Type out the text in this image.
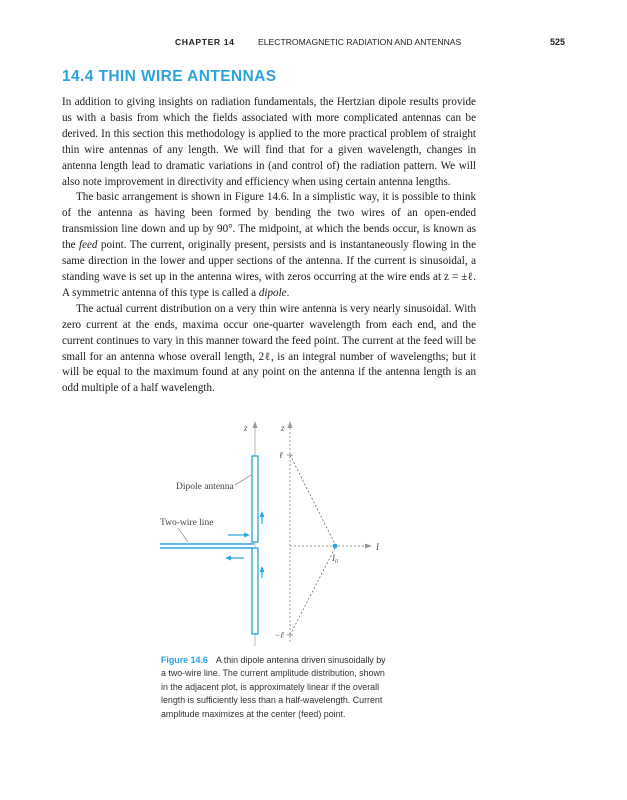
CHAPTER 14	ELECTROMAGNETIC RADIATION AND ANTENNAS	525
14.4 THIN WIRE ANTENNAS

In addition to giving insights on radiation fundamentals, the Hertzian dipole results provide us with a basis from which the fields associated with more complicated antennas can be derived. In this section this methodology is applied to the more practical problem of straight thin wire antennas of any length. We will find that for a given wavelength, changes in antenna length lead to dramatic variations in (and control of) the radiation pattern. We will also note improvement in directivity and efficiency when using certain antenna lengths.

The basic arrangement is shown in Figure 14.6. In a simplistic way, it is possible to think of the antenna as having been formed by bending the two wires of an open-ended transmission line down and up by 90°. The midpoint, at which the bends occur, is known as the feed point. The current, originally present, persists and is instantaneously flowing in the same direction in the lower and upper sections of the antenna. If the current is sinusoidal, a standing wave is set up in the antenna wires, with zeros occurring at the wire ends at z = ±ℓ. A symmetric antenna of this type is called a dipole.

The actual current distribution on a very thin wire antenna is very nearly sinusoidal. With zero current at the ends, maxima occur one-quarter wavelength from each end, and the current continues to vary in this manner toward the feed point. The current at the feed will be small for an antenna whose overall length, 2ℓ, is an integral number of wavelengths; but it will be equal to the maximum found at any point on the antenna if the antenna length is an odd multiple of a half wavelength.

z	z
Dipole antenna
Two-wire line
I
$I_0$
ℓ
−ℓ
Figure 14.6 A thin dipole antenna driven sinusoidally by a two-wire line. The current amplitude distribution, shown in the adjacent plot, is approximately linear if the overall length is sufficiently less than a half-wavelength. Current amplitude maximizes at the center (feed) point.
